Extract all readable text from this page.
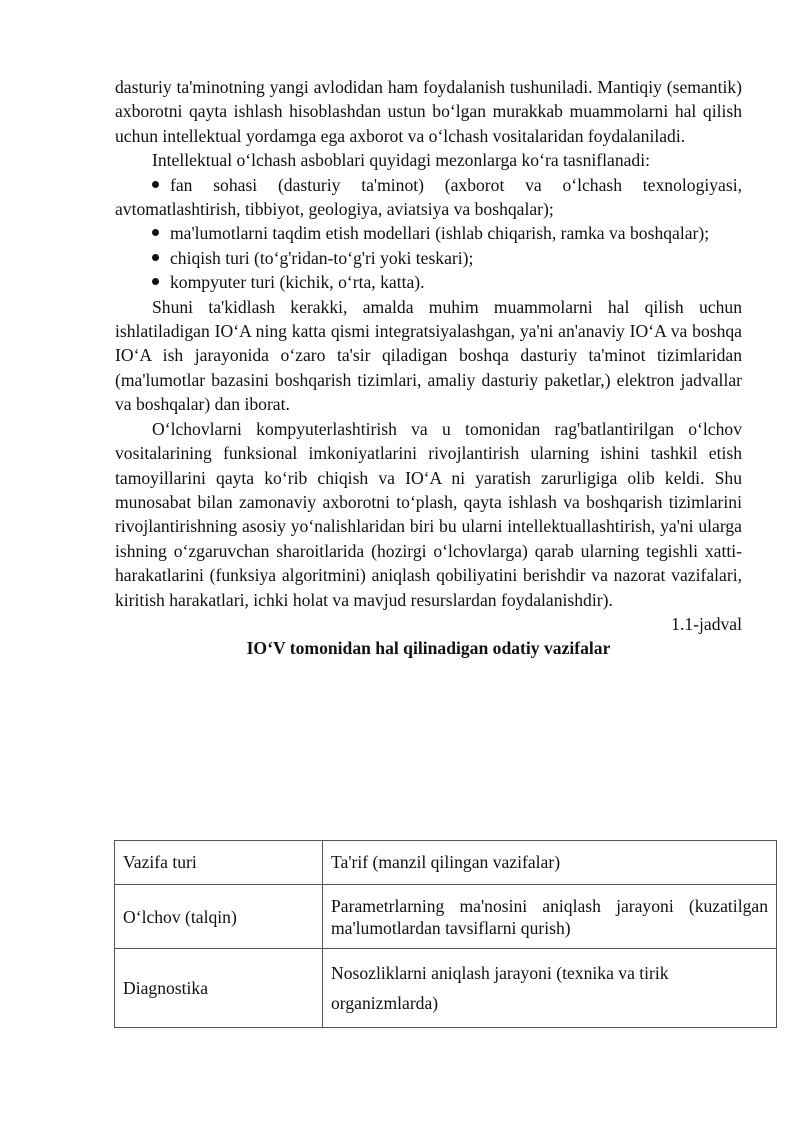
dasturiy ta'minotning yangi avlodidan ham foydalanish tushuniladi. Mantiqiy (semantik) axborotni qayta ishlash hisoblashdan ustun bo‘lgan murakkab muammolarni hal qilish uchun intellektual yordamga ega axborot va o‘lchash vositalaridan foydalaniladi.

Intellektual o‘lchash asboblari quyidagi mezonlarga ko‘ra tasniflanadi:

fan sohasi (dasturiy ta'minot) (axborot va o‘lchash texnologiyasi, avtomatlashtirish, tibbiyot, geologiya, aviatsiya va boshqalar);
ma'lumotlarni taqdim etish modellari (ishlab chiqarish, ramka va boshqalar);
chiqish turi (to‘g'ridan-to‘g'ri yoki teskari);
kompyuter turi (kichik, o‘rta, katta).

Shuni ta'kidlash kerakki, amalda muhim muammolarni hal qilish uchun ishlatiladigan IO‘A ning katta qismi integratsiyalashgan, ya'ni an'anaviy IO‘A va boshqa IO‘A ish jarayonida o‘zaro ta'sir qiladigan boshqa dasturiy ta'minot tizimlaridan (ma'lumotlar bazasini boshqarish tizimlari, amaliy dasturiy paketlar,) elektron jadvallar va boshqalar) dan iborat.

O‘lchovlarni kompyuterlashtirish va u tomonidan rag'batlantirilgan o‘lchov vositalarining funksional imkoniyatlarini rivojlantirish ularning ishini tashkil etish tamoyillarini qayta ko‘rib chiqish va IO‘A ni yaratish zarurligiga olib keldi. Shu munosabat bilan zamonaviy axborotni to‘plash, qayta ishlash va boshqarish tizimlarini rivojlantirishning asosiy yo‘nalishlaridan biri bu ularni intellektuallashtirish, ya'ni ularga ishning o‘zgaruvchan sharoitlarida (hozirgi o‘lchovlarga) qarab ularning tegishli xatti-harakatlarini (funksiya algoritmini) aniqlash qobiliyatini berishdir va nazorat vazifalari, kiritish harakatlari, ichki holat va mavjud resurslardan foydalanishdir).

1.1-jadval

IO‘V tomonidan hal qilinadigan odatiy vazifalar

Vazifa turi	Ta'rif (manzil qilingan vazifalar)
O‘lchov (talqin)	Parametrlarning ma'nosini aniqlash jarayoni (kuzatilgan ma'lumotlardan tavsiflarni qurish)
Diagnostika	Nosozliklarni aniqlash jarayoni (texnika va tirik organizmlarda)
